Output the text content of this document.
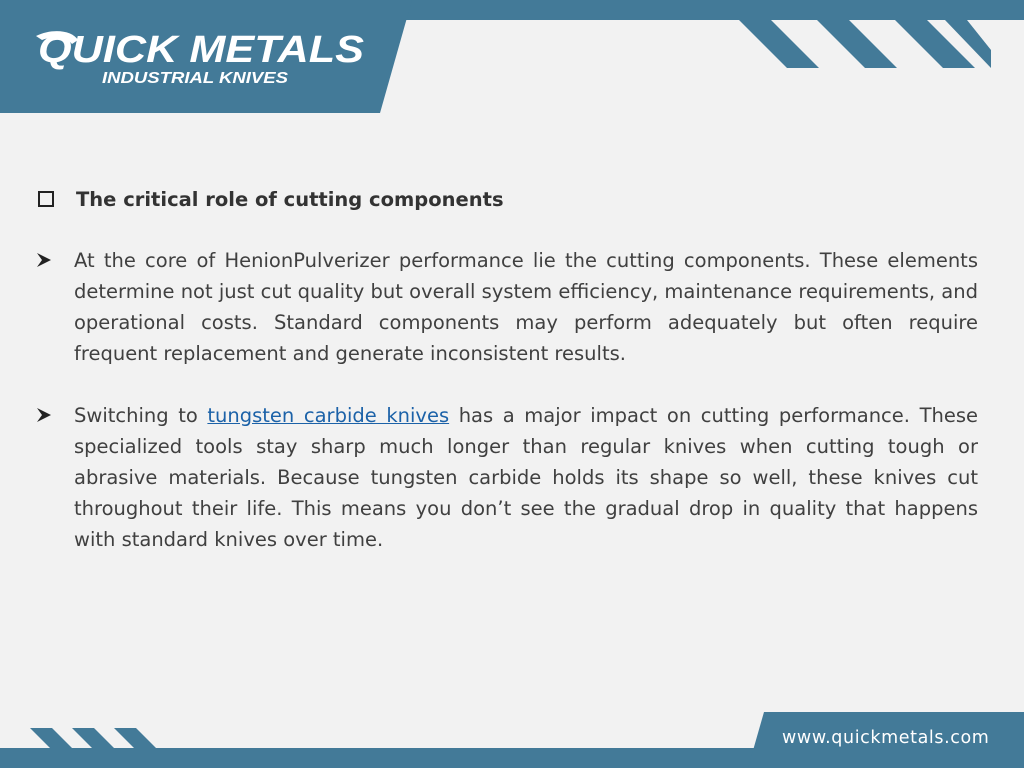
QUICK METALS
INDUSTRIAL KNIVES
The critical role of cutting components
At the core of HenionPulverizer performance lie the cutting components. These elements determine not just cut quality but overall system efficiency, maintenance requirements, and operational costs. Standard components may perform adequately but often require frequent replacement and generate inconsistent results.
Switching to tungsten carbide knives has a major impact on cutting performance. These specialized tools stay sharp much longer than regular knives when cutting tough or abrasive materials. Because tungsten carbide holds its shape so well, these knives cut throughout their life. This means you don’t see the gradual drop in quality that happens with standard knives over time.
www.quickmetals.com
